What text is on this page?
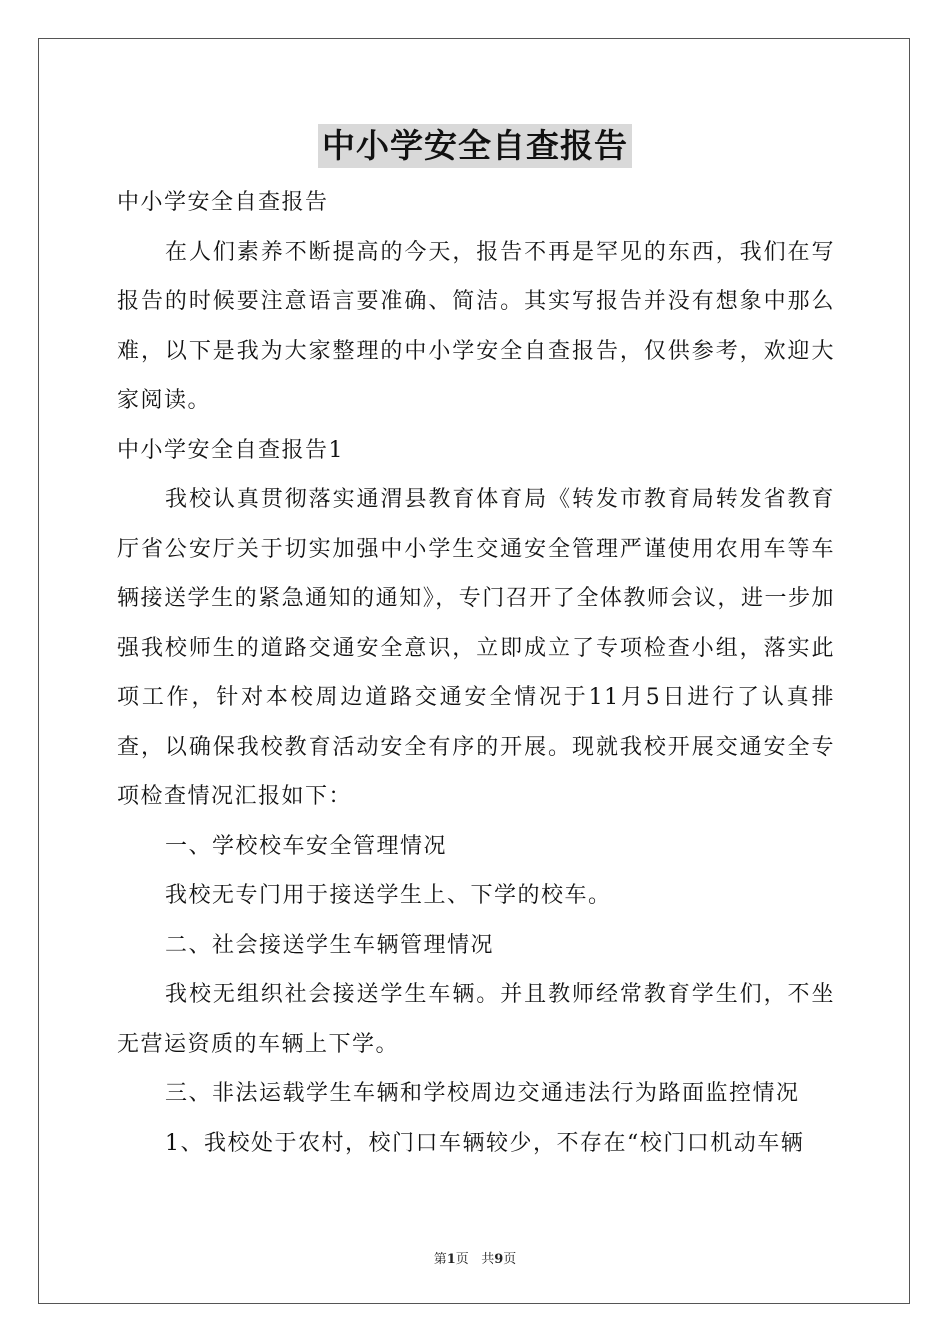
中小学安全自查报告

中小学安全自查报告

在人们素养不断提高的今天，报告不再是罕见的东西，我们在写报告的时候要注意语言要准确、简洁。其实写报告并没有想象中那么难，以下是我为大家整理的中小学安全自查报告，仅供参考，欢迎大家阅读。

中小学安全自查报告1

我校认真贯彻落实通渭县教育体育局《转发市教育局转发省教育厅省公安厅关于切实加强中小学生交通安全管理严谨使用农用车等车辆接送学生的紧急通知的通知》，专门召开了全体教师会议，进一步加强我校师生的道路交通安全意识，立即成立了专项检查小组，落实此项工作，针对本校周边道路交通安全情况于11月5日进行了认真排查，以确保我校教育活动安全有序的开展。现就我校开展交通安全专项检查情况汇报如下：

一、学校校车安全管理情况

我校无专门用于接送学生上、下学的校车。

二、社会接送学生车辆管理情况

我校无组织社会接送学生车辆。并且教师经常教育学生们，不坐无营运资质的车辆上下学。

三、非法运载学生车辆和学校周边交通违法行为路面监控情况

1、我校处于农村，校门口车辆较少，不存在“校门口机动车辆

第1页 共9页
